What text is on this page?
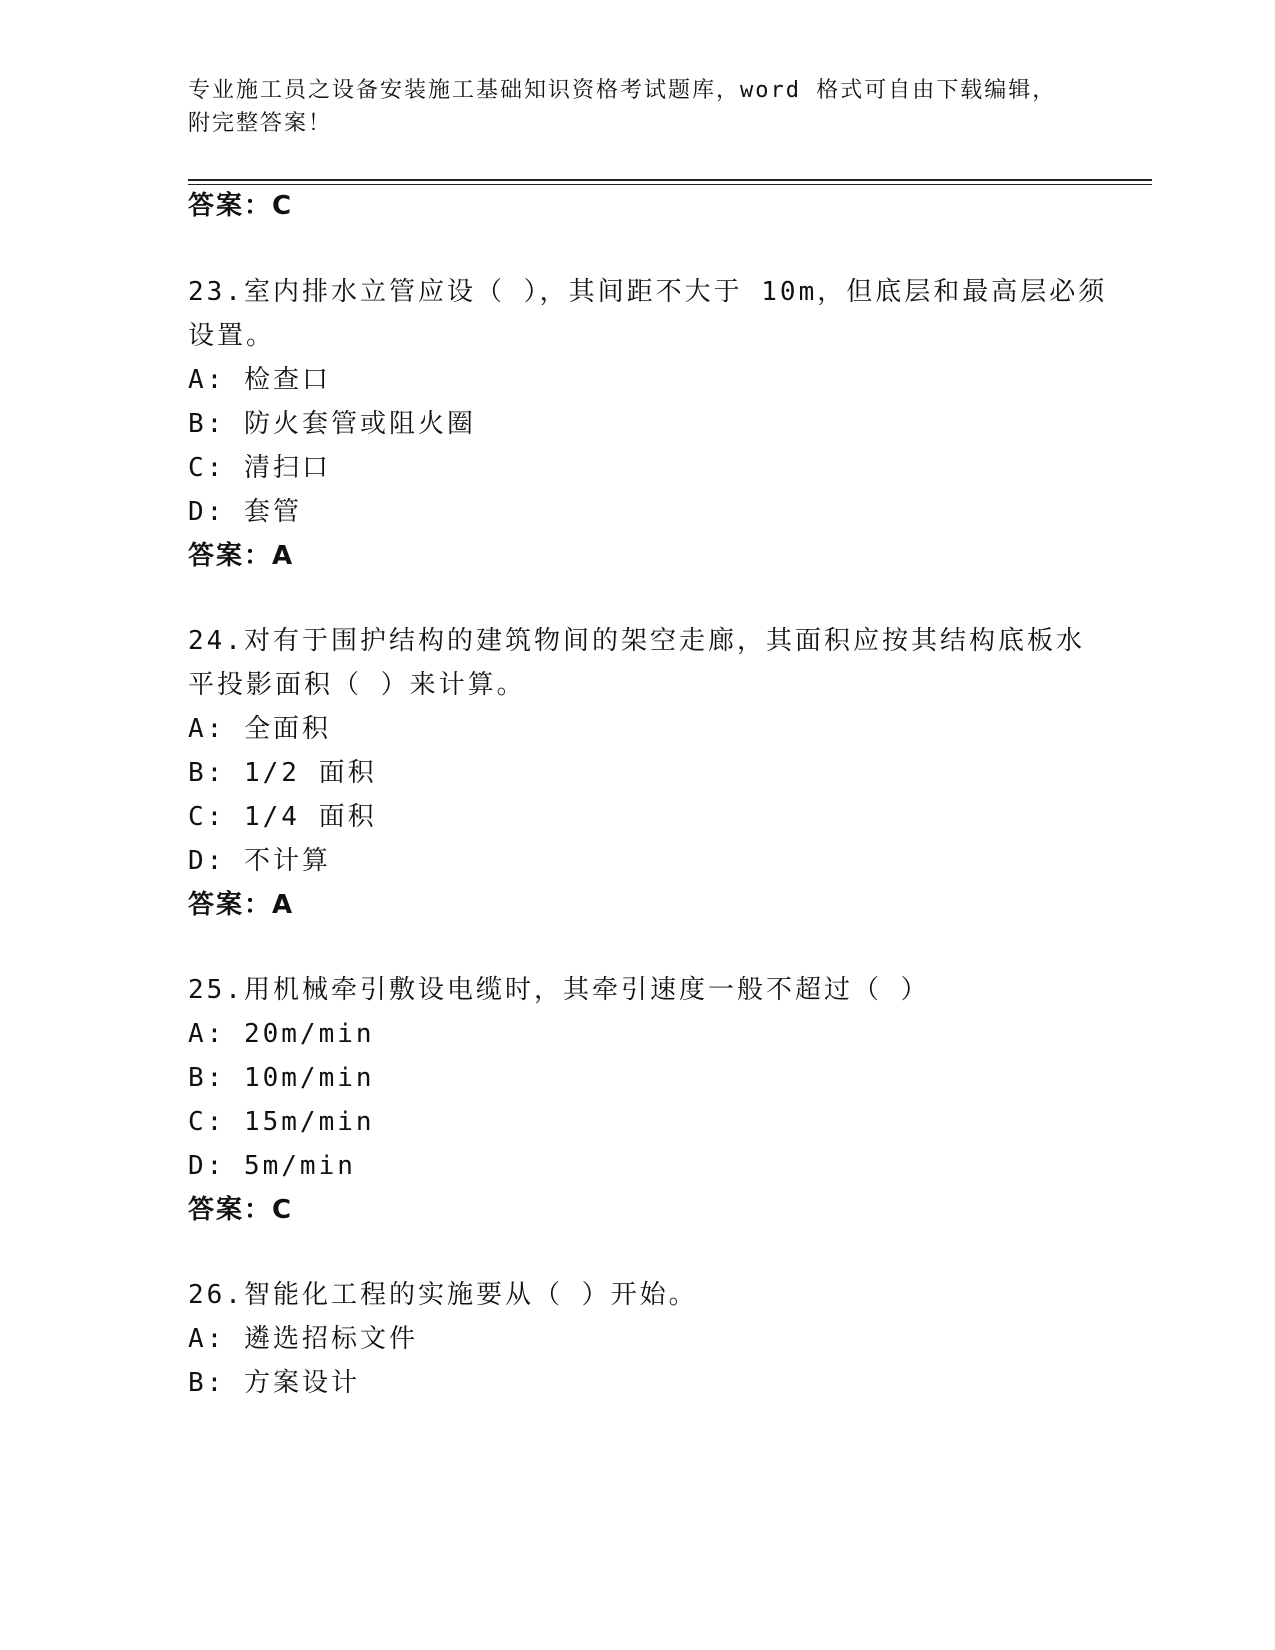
专业施工员之设备安装施工基础知识资格考试题库，word 格式可自由下载编辑，
附完整答案！
答案：C
23.室内排水立管应设（ ），其间距不大于 10m，但底层和最高层必须
设置。
A: 检查口
B: 防火套管或阻火圈
C: 清扫口
D: 套管
答案：A
24.对有于围护结构的建筑物间的架空走廊，其面积应按其结构底板水
平投影面积（ ）来计算。
A: 全面积
B: 1/2 面积
C: 1/4 面积
D: 不计算
答案：A
25.用机械牵引敷设电缆时，其牵引速度一般不超过（ ）
A: 20m/min
B: 10m/min
C: 15m/min
D: 5m/min
答案：C
26.智能化工程的实施要从（ ）开始。
A: 遴选招标文件
B: 方案设计
